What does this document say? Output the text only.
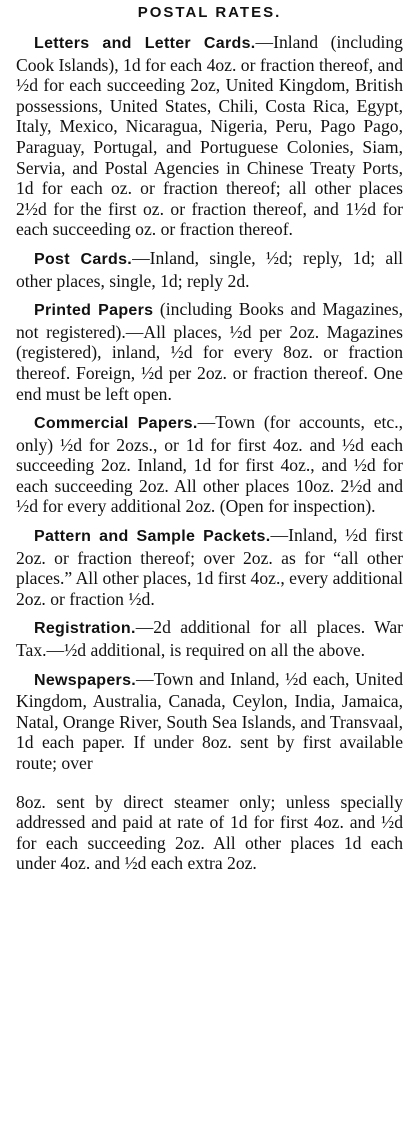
POSTAL RATES.

Letters and Letter Cards.—Inland (including Cook Islands), 1d for each 4oz. or fraction thereof, and ½d for each succeeding 2oz, United Kingdom, British possessions, United States, Chili, Costa Rica, Egypt, Italy, Mexico, Nicaragua, Nigeria, Peru, Pago Pago, Paraguay, Portugal, and Portuguese Colonies, Siam, Servia, and Postal Agencies in Chinese Treaty Ports, 1d for each oz. or fraction thereof; all other places 2½d for the first oz. or fraction thereof, and 1½d for each succeeding oz. or fraction thereof.

Post Cards.—Inland, single, ½d; reply, 1d; all other places, single, 1d; reply 2d.

Printed Papers (including Books and Magazines, not registered).—All places, ½d per 2oz. Magazines (registered), inland, ½d for every 8oz. or fraction thereof. Foreign, ½d per 2oz. or fraction thereof. One end must be left open.

Commercial Papers.—Town (for accounts, etc., only) ½d for 2ozs., or 1d for first 4oz. and ½d each succeeding 2oz. Inland, 1d for first 4oz., and ½d for each succeeding 2oz. All other places 10oz. 2½d and ½d for every additional 2oz. (Open for inspection).

Pattern and Sample Packets.—Inland, ½d first 2oz. or fraction thereof; over 2oz. as for “all other places.” All other places, 1d first 4oz., every additional 2oz. or fraction ½d.

Registration.—2d additional for all places. War Tax.—½d additional, is required on all the above.

Newspapers.—Town and Inland, ½d each, United Kingdom, Australia, Canada, Ceylon, India, Jamaica, Natal, Orange River, South Sea Islands, and Transvaal, 1d each paper. If under 8oz. sent by first available route; over

8oz. sent by direct steamer only; unless specially addressed and paid at rate of 1d for first 4oz. and ½d for each succeeding 2oz. All other places 1d each under 4oz. and ½d each extra 2oz.
